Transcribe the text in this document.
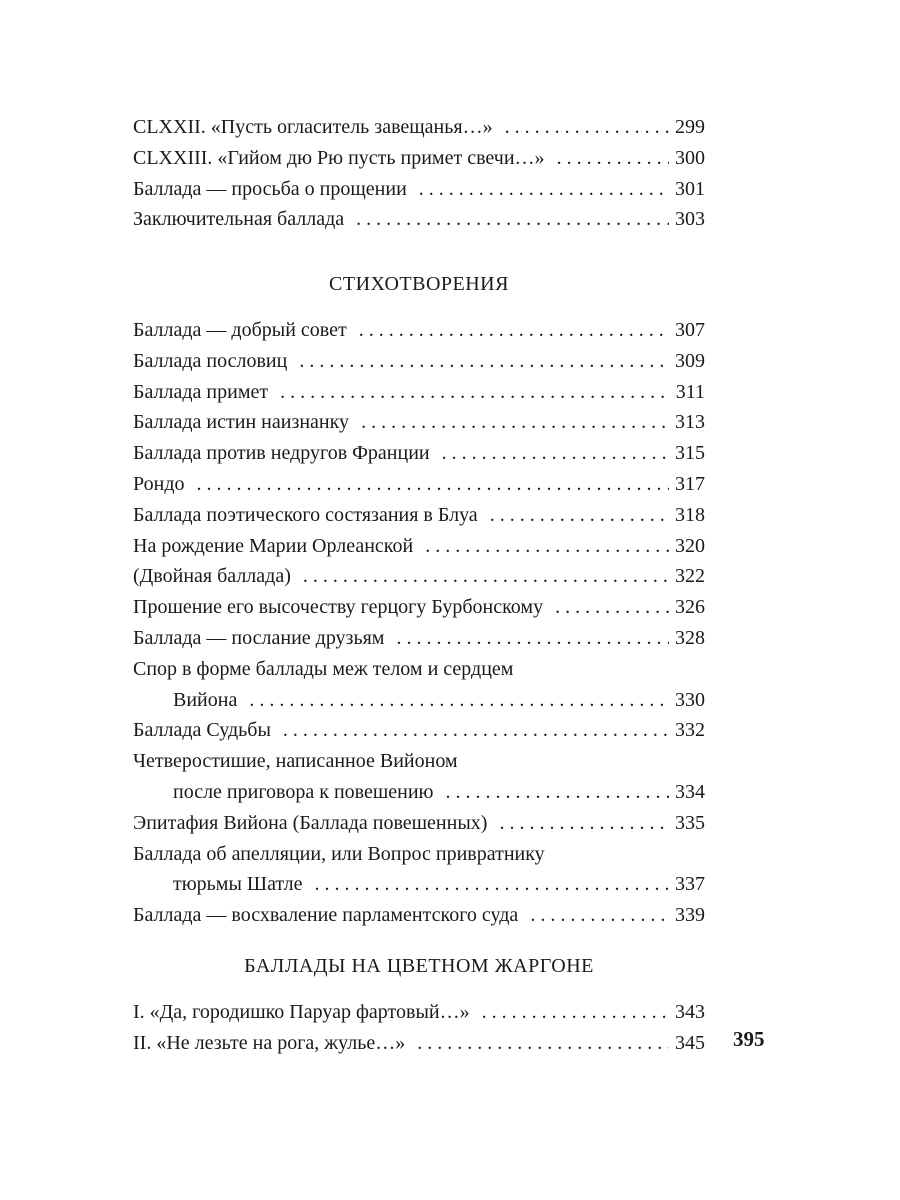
CLXXII. «Пусть огласитель завещанья…» . . .	299
CLXXIII. «Гийом дю Рю пусть примет свечи…» . . .	300
Баллада — просьба о прощении . . .	301
Заключительная баллада . . .	303
СТИХОТВОРЕНИЯ
Баллада — добрый совет . . .	307
Баллада пословиц . . .	309
Баллада примет . . .	311
Баллада истин наизнанку . . .	313
Баллада против недругов Франции . . .	315
Рондо . . .	317
Баллада поэтического состязания в Блуа . . .	318
На рождение Марии Орлеанской . . .	320
(Двойная баллада) . . .	322
Прошение его высочеству герцогу Бурбонскому . . .	326
Баллада — послание друзьям . . .	328
Спор в форме баллады меж телом и сердцем
Вийона . . .	330
Баллада Судьбы . . .	332
Четверостишие, написанное Вийоном
после приговора к повешению . . .	334
Эпитафия Вийона (Баллада повешенных) . . .	335
Баллада об апелляции, или Вопрос привратнику
тюрьмы Шатле . . .	337
Баллада — восхваление парламентского суда . . .	339
БАЛЛАДЫ НА ЦВЕТНОМ ЖАРГОНЕ
I. «Да, городишко Паруар фартовый…» . . .	343
II. «Не лезьте на рога, жулье…» . . .	345 395
